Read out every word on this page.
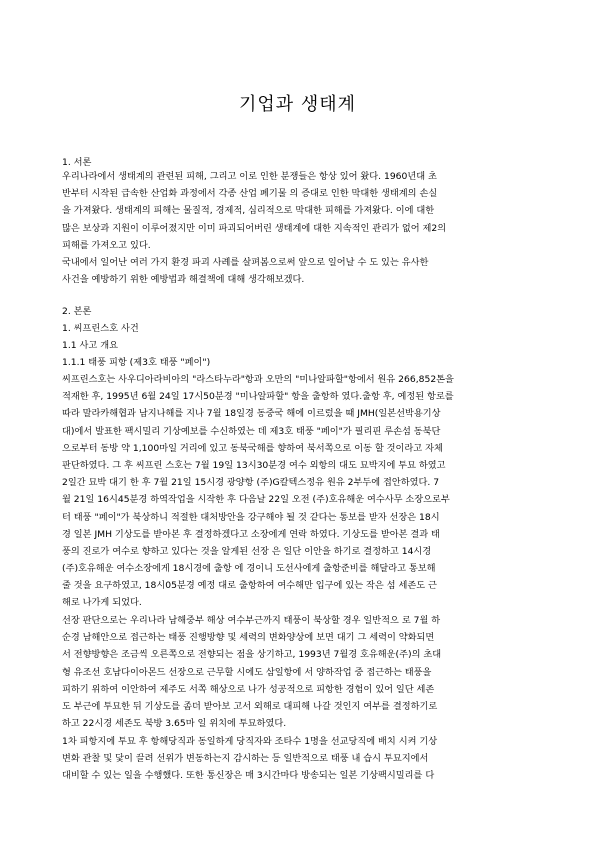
기업과 생태계
1. 서론
우리나라에서 생태계의 관련된 피해, 그리고 이로 인한 분쟁들은 항상 있어 왔다. 1960년대 초
반부터 시작된 급속한 산업화 과정에서 각종 산업 폐기물 의 증대로 인한 막대한 생태계의 손실
을 가져왔다. 생태계의 피해는 물질적, 경제적, 심리적으로 막대한 피해를 가져왔다. 이에 대한
많은 보상과 지원이 이루어졌지만 이미 파괴되어버린 생태계에 대한 지속적인 관리가 없어 제2의
피해를 가져오고 있다.
국내에서 일어난 여러 가지 환경 파괴 사례를 살펴봄으로써 앞으로 일어날 수 도 있는 유사한
사건을 예방하기 위한 예방법과 해결책에 대해 생각해보겠다.
2. 본론
1. 씨프린스호 사건
1.1 사고 개요
1.1.1 태풍 피항 (제3호 태풍 "페이")
씨프린스호는 사우디아라비아의 "라스타누라"항과 오만의 "미나알파할"항에서 원유 266,852톤을
적재한 후, 1995년 6월 24일 17시50분경 "미나알파할" 항을 출항하 였다.출항 후, 예정된 항로를
따라 말라카해협과 남지나해를 지나 7월 18일경 동중국 해에 이르렀을 때 JMH(일본선박용기상
대)에서 발표한 팩시밀리 기상예보를 수신하였는 데 제3호 태풍 "페이"가 필리핀 루손섬 동북단
으로부터 동방 약 1,100마일 거리에 있고 동북국해를 향하여 북서쪽으로 이동 할 것이라고 자체
판단하였다. 그 후 씨프린 스호는 7월 19일 13시30분경 여수 외항의 대도 묘박지에 투묘 하였고
2일간 묘박 대기 한 후 7월 21일 15시경 광양항 (주)G칼텍스정유 원유 2부두에 접안하였다. 7
월 21일 16시45분경 하역작업을 시작한 후 다음날 22일 오전 (주)호유해운 여수사무 소장으로부
터 태풍 "페이"가 북상하니 적절한 대처방안을 강구해야 될 것 같다는 통보를 받자 선장은 18시
경 일본 JMH 기상도를 받아본 후 결정하겠다고 소장에게 연락 하였다. 기상도를 받아본 결과 태
풍의 진로가 여수로 향하고 있다는 것을 알게된 선장 은 일단 이안을 하기로 결정하고 14시경
(주)호유해운 여수소장에게 18시경에 출항 에 경이니 도선사에게 출항준비를 해달라고 통보해
줄 것을 요구하였고, 18시05분경 예정 대로 출항하여 여수해만 입구에 있는 작은 섬 세존도 근
해로 나가게 되었다.
선장 판단으로는 우리나라 남해중부 해상 여수부근까지 태풍이 북상할 경우 일반적으 로 7월 하
순경 남해안으로 접근하는 태풍 진행방향 및 세력의 변화양상에 보면 대기 그 세력이 약화되면
서 전향방향은 조금씩 오른쪽으로 전향되는 점을 상기하고, 1993년 7월경 호유해운(주)의 초대
형 유조선 호남다이아몬드 선장으로 근무할 시에도 삼일항에 서 양하작업 중 접근하는 태풍을
피하기 위하여 이안하여 제주도 서쪽 해상으로 나가 성공적으로 피항한 경험이 있어 일단 세존
도 부근에 투묘한 뒤 기상도를 좀더 받아보 고서 외해로 대피해 나갈 것인지 여부를 결정하기로
하고 22시경 세존도 북방 3.65마 일 위치에 투묘하였다.
1차 피항지에 투묘 후 항해당직과 동일하게 당직자와 조타수 1명을 선교당직에 배치 시켜 기상
변화 관찰 및 닻이 끌려 선위가 변동하는지 감시하는 등 일반적으로 태풍 내 습시 투묘지에서
대비할 수 있는 일을 수행했다. 또한 통신장은 매 3시간마다 방송되는 일본 기상팩시밀리를 다
